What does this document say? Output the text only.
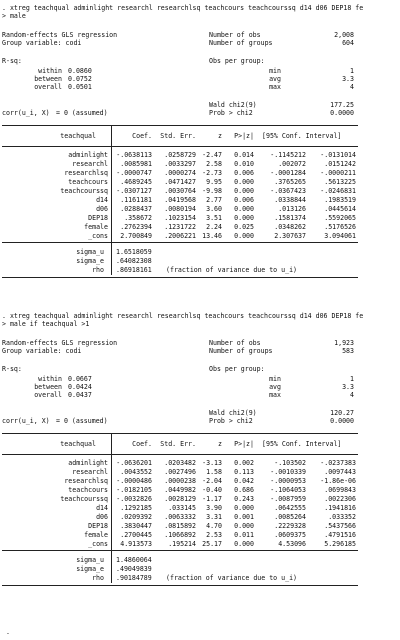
. xtreg teachqual adminlight researchl researchlsq teachcours teachcourssq d14 d06 DEP18 fe
> male
Random-effects GLS regression
Group variable: codi
Number of obs	2,008
Number of groups	604
R-sq:	Obs per group:
within 0.0860	min	1
between 0.0752	avg	3.3
overall 0.0501	max	4
Wald chi2(9)	177.25
corr(u_i, X) = 0 (assumed)	Prob > chi2	0.0000
teachqual	Coef.	Std. Err.	z	P>|z| [95% Conf. Interval]
adminlight	-.0638113	.0258729 -2.47	0.014	-.1145212	-.0131014
researchl	.0085981	.0033297	2.58	0.010	.002072	.0151242
researchlsq	-.0000747	.0000274 -2.73	0.006	-.0001284	-.0000211
teachcours	.4689245	.0471427	9.95	0.000	.3765265	.5613225
teachcourssq	-.0307127	.0030764 -9.98	0.000	-.0367423	-.0246831
d14	.1161181	.0419568	2.77	0.006	.0338844	.1983519
d06	.0288437	.0080194	3.60	0.000	.013126	.0445614
DEP18	.358672	.1023154	3.51	0.000	.1581374	.5592065
female	.2762394	.1231722	2.24	0.025	.0348262	.5176526
_cons	2.700849	.2006221 13.46	0.000	2.307637	3.094061
sigma_u 1.6518059
sigma_e .64082308
rho .86918161 (fraction of variance due to u_i)
. xtreg teachqual adminlight researchl researchlsq teachcours teachcourssq d14 d06 DEP18 fe
> male if teachqual >1
Random-effects GLS regression
Group variable: codi
Number of obs	1,923
Number of groups	583
R-sq:	Obs per group:
within 0.0667	min	1
between 0.0424	avg	3.3
overall 0.0437	max	4
Wald chi2(9)	120.27
corr(u_i, X) = 0 (assumed)	Prob > chi2	0.0000
teachqual	Coef.	Std. Err.	z	P>|z| [95% Conf. Interval]
adminlight	-.0636201	.0203482 -3.13	0.002	-.103502	-.0237383
researchl	.0043552	.0027496	1.58	0.113	-.0010339	.0097443
researchlsq	-.0000486	.0000238 -2.04	0.042	-.0000953	-1.86e-06
teachcours	-.0182105	.0449982 -0.40	0.686	-.1064053	.0699843
teachcourssq	-.0032826	.0028129 -1.17	0.243	-.0087959	.0022306
d14	.1292185	.033145	3.90	0.000	.0642555	.1941816
d06	.0209392	.0063332	3.31	0.001	.0085264	.033352
DEP18	.3830447	.0815892	4.70	0.000	.2229328	.5437566
female	.2700445	.1066892	2.53	0.011	.0609375	.4791516
_cons	4.913573	.195214 25.17	0.000	4.53096	5.296185
sigma_u 1.4860064
sigma_e .49049839
rho .90184789 (fraction of variance due to u_i)
.
